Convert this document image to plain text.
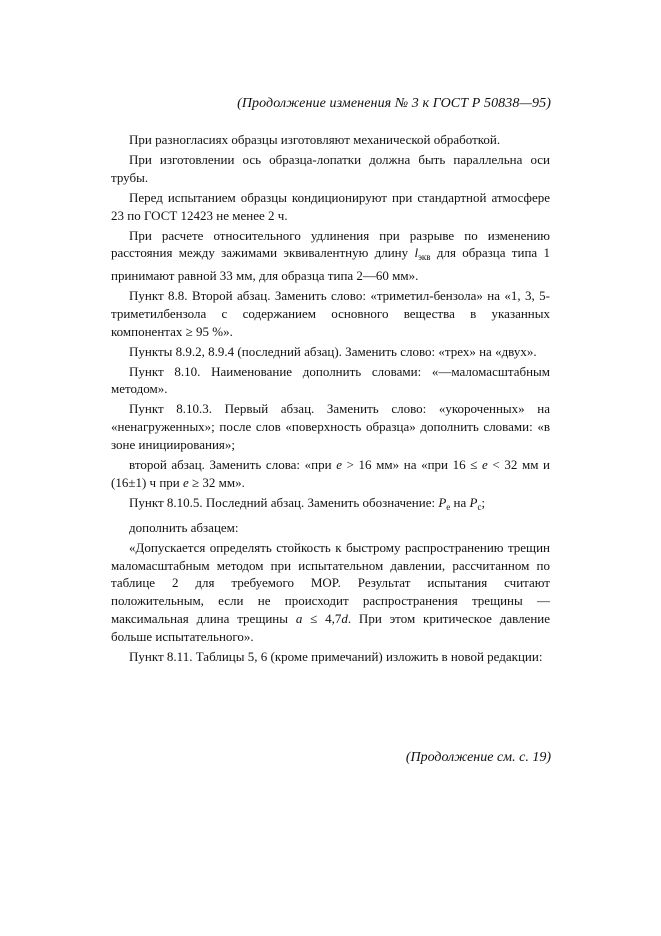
(Продолжение изменения № 3 к ГОСТ Р 50838—95)

При разногласиях образцы изготовляют механической обработкой.

При изготовлении ось образца-лопатки должна быть параллельна оси трубы.

Перед испытанием образцы кондиционируют при стандартной атмосфере 23 по ГОСТ 12423 не менее 2 ч.

При расчете относительного удлинения при разрыве по изменению расстояния между зажимами эквивалентную длину $l_{экв}$ для образца типа 1 принимают равной 33 мм, для образца типа 2—60 мм».

Пункт 8.8. Второй абзац. Заменить слово: «триметил-бензола» на «1, 3, 5-триметилбензола с содержанием основного вещества в указанных компонентах ≥ 95 %».

Пункты 8.9.2, 8.9.4 (последний абзац). Заменить слово: «трех» на «двух».

Пункт 8.10. Наименование дополнить словами: «—маломасштабным методом».

Пункт 8.10.3. Первый абзац. Заменить слово: «укороченных» на «ненагруженных»; после слов «поверхность образца» дополнить словами: «в зоне инициирования»;

второй абзац. Заменить слова: «при e > 16 мм» на «при 16 ≤ e < 32 мм и (16±1) ч при e ≥ 32 мм».

Пункт 8.10.5. Последний абзац. Заменить обозначение: $P_e$ на $P_c$;

дополнить абзацем:

«Допускается определять стойкость к быстрому распространению трещин маломасштабным методом при испытательном давлении, рассчитанном по таблице 2 для требуемого MOP. Результат испытания считают положительным, если не происходит распространения трещины — максимальная длина трещины a ≤ 4,7d. При этом критическое давление больше испытательного».

Пункт 8.11. Таблицы 5, 6 (кроме примечаний) изложить в новой редакции:

(Продолжение см. с. 19)
